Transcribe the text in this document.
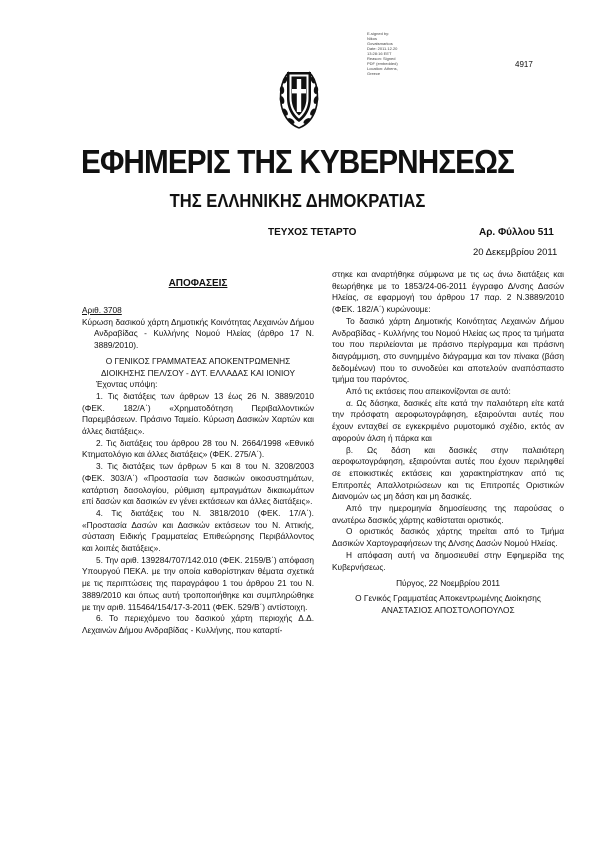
E-signed by:
Nikos
Govatsmarkos
Date: 2011.12.20
13:28:16 EET
Reason: Signed
PDF (embedded)
Location: Athens,
Greece
4917
ΕΦΗΜΕΡΙΣ ΤΗΣ ΚΥΒΕΡΝΗΣΕΩΣ
ΤΗΣ ΕΛΛΗΝΙΚΗΣ ΔΗΜΟΚΡΑΤΙΑΣ
ΤΕΥΧΟΣ ΤΕΤΑΡΤΟ	Αρ. Φύλλου 511
20 Δεκεμβρίου 2011
ΑΠΟΦΑΣΕΙΣ

Αριθ. 3708

Κύρωση δασικού χάρτη Δημοτικής Κοινότητας Λεχαινών Δήμου Ανδραβίδας - Κυλλήνης Νομού Ηλείας (άρθρο 17 Ν. 3889/2010).

Ο ΓΕΝΙΚΟΣ ΓΡΑΜΜΑΤΕΑΣ ΑΠΟΚΕΝΤΡΩΜΕΝΗΣ

ΔΙΟΙΚΗΣΗΣ ΠΕΛ/ΣΟΥ - ΔΥΤ. ΕΛΛΑΔΑΣ ΚΑΙ ΙΟΝΙΟΥ

Έχοντας υπόψη:

1. Τις διατάξεις των άρθρων 13 έως 26 Ν. 3889/2010 (ΦΕΚ. 182/Α΄) «Χρηματοδότηση Περιβαλλοντικών Παρεμβάσεων. Πράσινο Ταμείο. Κύρωση Δασικών Χαρτών και άλλες διατάξεις».

2. Τις διατάξεις του άρθρου 28 του Ν. 2664/1998 «Εθνικό Κτηματολόγιο και άλλες διατάξεις» (ΦΕΚ. 275/Α΄).

3. Τις διατάξεις των άρθρων 5 και 8 του Ν. 3208/2003 (ΦΕΚ. 303/Α΄) «Προστασία των δασικών οικοσυστημάτων, κατάρτιση δασολογίου, ρύθμιση εμπραγμάτων δικαιωμάτων επί δασών και δασικών εν γένει εκτάσεων και άλλες διατάξεις».

4. Τις διατάξεις του Ν. 3818/2010 (ΦΕΚ. 17/Α΄). «Προστασία Δασών και Δασικών εκτάσεων του Ν. Αττικής, σύσταση Ειδικής Γραμματείας Επιθεώρησης Περιβάλλοντος και λοιπές διατάξεις».

5. Την αριθ. 139284/707/142.010 (ΦΕΚ. 2159/Β΄) απόφαση Υπουργού ΠΕΚΑ. με την οποία καθορίστηκαν θέματα σχετικά με τις περιπτώσεις της παραγράφου 1 του άρθρου 21 του Ν. 3889/2010 και όπως αυτή τροποποιήθηκε και συμπληρώθηκε με την αριθ. 115464/154/17-3-2011 (ΦΕΚ. 529/Β΄) αντίστοιχη.

6. Το περιεχόμενο του δασικού χάρτη περιοχής Δ.Δ. Λεχαινών Δήμου Ανδραβίδας - Κυλλήνης, που καταρτί-

στηκε και αναρτήθηκε σύμφωνα με τις ως άνω διατάξεις και θεωρήθηκε με το 1853/24-06-2011 έγγραφο Δ/νσης Δασών Ηλείας, σε εφαρμογή του άρθρου 17 παρ. 2 Ν.3889/2010 (ΦΕΚ. 182/Α΄) κυρώνουμε:

Το δασικό χάρτη Δημοτικής Κοινότητας Λεχαινών Δήμου Ανδραβίδας - Κυλλήνης του Νομού Ηλείας ως προς τα τμήματα του που περιλείονται με πράσινο περίγραμμα και πράσινη διαγράμμιση, στο συνημμένο διάγραμμα και τον πίνακα (βάση δεδομένων) που το συνοδεύει και αποτελούν αναπόσπαστο τμήμα του παρόντος.

Από τις εκτάσεις που απεικονίζονται σε αυτό:

α. Ως δάσηκα, δασικές είτε κατά την παλαιότερη είτε κατά την πρόσφατη αεροφωτογράφηση, εξαιρούνται αυτές που έχουν ενταχθεί σε εγκεκριμένο ρυμοτομικό σχέδιο, εκτός αν αφορούν άλση ή πάρκα και

β. Ως δάση και δασικές στην παλαιότερη αεροφωτογράφηση, εξαιρούνται αυτές που έχουν περιληφθεί σε εποικιστικές εκτάσεις και χαρακτηρίστηκαν από τις Επιτροπές Απαλλοτριώσεων και τις Επιτροπές Οριστικών Διανομών ως μη δάση και μη δασικές.

Από την ημερομηνία δημοσίευσης της παρούσας ο ανωτέρω δασικός χάρτης καθίσταται οριστικός.

Ο οριστικός δασικός χάρτης τηρείται από το Τμήμα Δασικών Χαρτογραφήσεων της Δ/νσης Δασών Νομού Ηλείας.

Η απόφαση αυτή να δημοσιευθεί στην Εφημερίδα της Κυβερνήσεως.

Πύργος, 22 Νοεμβρίου 2011

Ο Γενικός Γραμματέας Αποκεντρωμένης Διοίκησης

ΑΝΑΣΤΑΣΙΟΣ ΑΠΟΣΤΟΛΟΠΟΥΛΟΣ
